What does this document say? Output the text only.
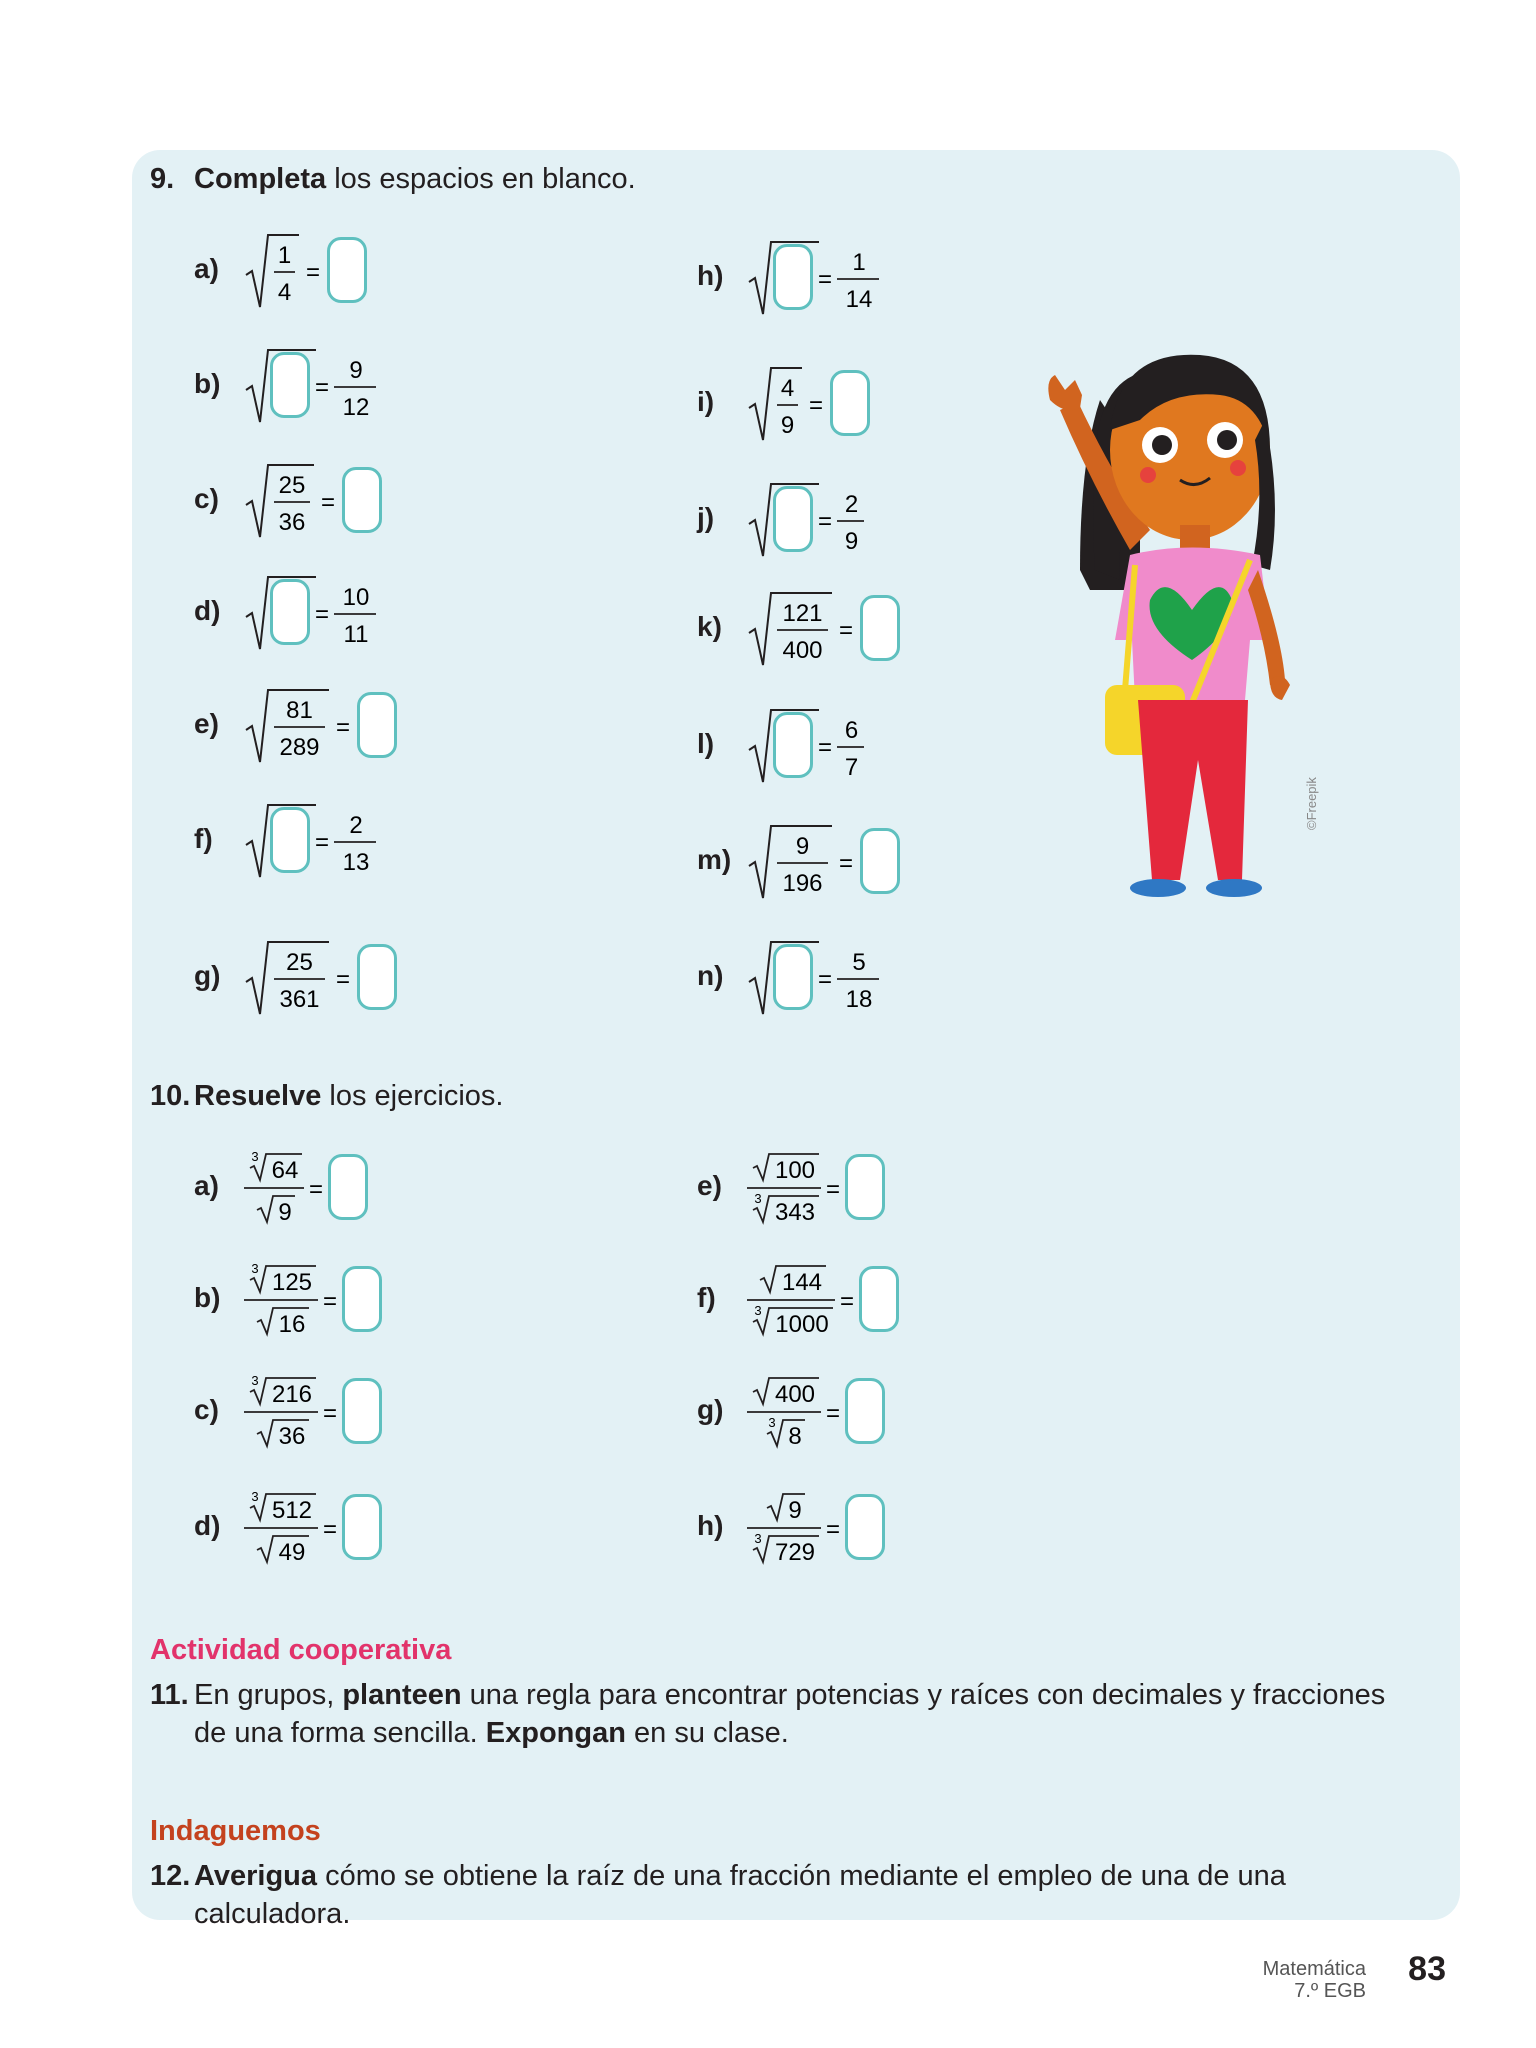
9. Completa los espacios en blanco.
a) 1
4
=
b)	=
9
12
c) 25
36
=
d)	=
10
11
e)	81
289
=
f)	=
2
13
g)	25
361
=
h)	=
1
14
i)	4
9
=
j)	=
2
9
k)	121
400
=
l)	=
6
7
m)	9
196
=
n)	=
5
18
10. Resuelve los ejercicios.
a)
3
64
9
=
b)
3
125
16
=
c)
3
216
36
=
d)
3
512
49
=
e) 100
3
343
=
f)	144
3
1000
=
g) 400
3
8
=
h)	9
3
729
=
Actividad cooperativa
11. En grupos, planteen una regla para encontrar potencias y raíces con decimales y fracciones de una forma sencilla. Expongan en su clase.
Indaguemos
12. Averigua cómo se obtiene la raíz de una fracción mediante el empleo de una de una calculadora.
©Freepik
Matemática
7.º EGB
83
